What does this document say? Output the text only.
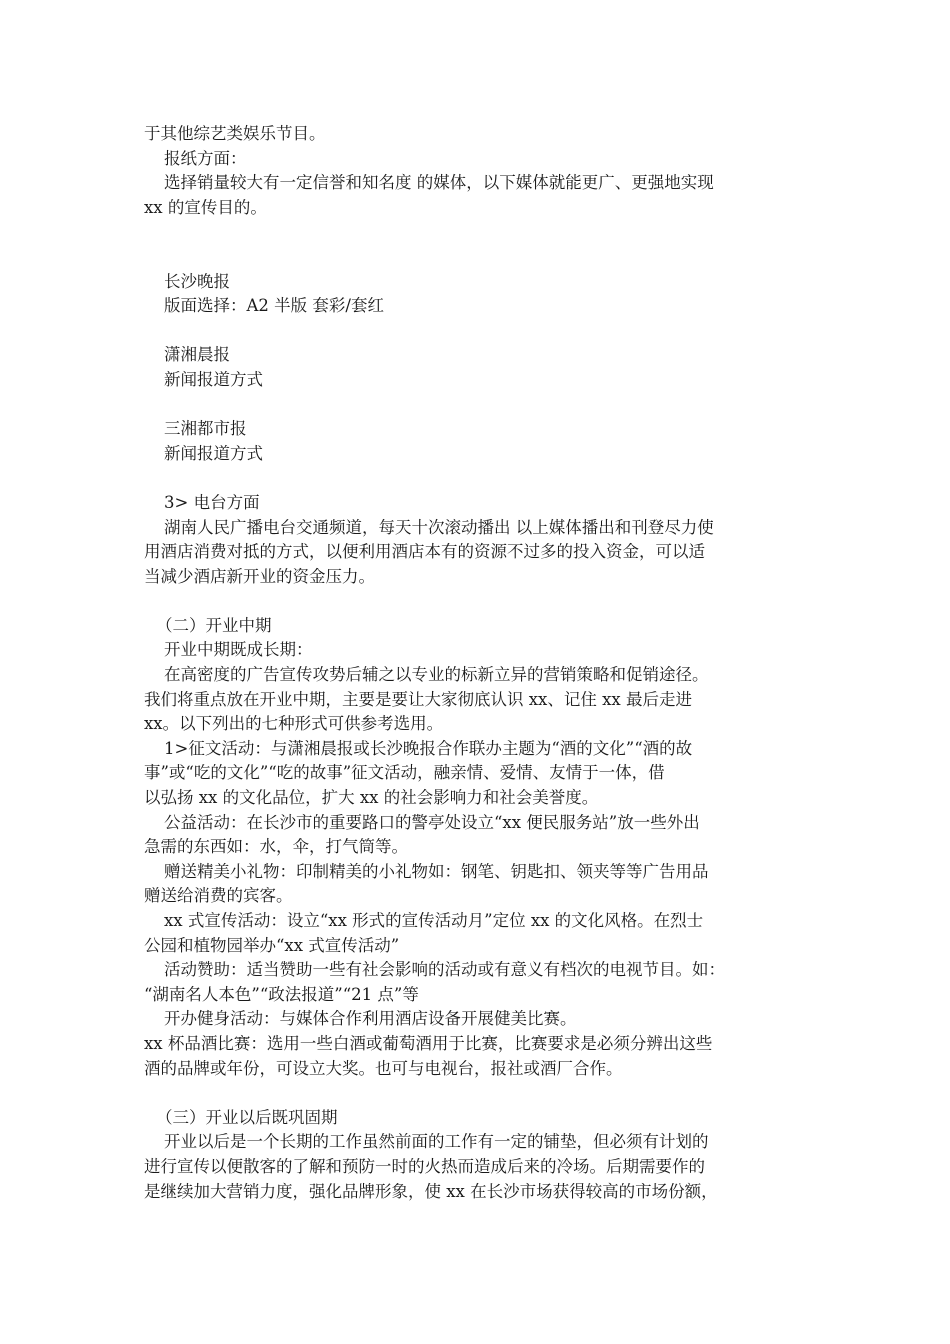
于其他综艺类娱乐节目。
报纸方面：
选择销量较大有一定信誉和知名度 的媒体，以下媒体就能更广、更强地实现
xx 的宣传目的。
长沙晚报
版面选择：A2 半版 套彩/套红
潇湘晨报
新闻报道方式
三湘都市报
新闻报道方式
3> 电台方面
湖南人民广播电台交通频道，每天十次滚动播出 以上媒体播出和刊登尽力使
用酒店消费对抵的方式，以便利用酒店本有的资源不过多的投入资金，可以适
当减少酒店新开业的资金压力。
（二）开业中期
开业中期既成长期：
在高密度的广告宣传攻势后辅之以专业的标新立异的营销策略和促销途径。
我们将重点放在开业中期，主要是要让大家彻底认识 xx、记住 xx 最后走进
xx。以下列出的七种形式可供参考选用。
1>征文活动：与潇湘晨报或长沙晚报合作联办主题为“酒的文化”“酒的故
事”或“吃的文化”“吃的故事”征文活动，融亲情、爱情、友情于一体，借
以弘扬 xx 的文化品位，扩大 xx 的社会影响力和社会美誉度。
公益活动：在长沙市的重要路口的警亭处设立“xx 便民服务站”放一些外出
急需的东西如：水，伞，打气筒等。
赠送精美小礼物：印制精美的小礼物如：钢笔、钥匙扣、领夹等等广告用品
赠送给消费的宾客。
xx 式宣传活动：设立“xx 形式的宣传活动月”定位 xx 的文化风格。在烈士
公园和植物园举办“xx 式宣传活动”
活动赞助：适当赞助一些有社会影响的活动或有意义有档次的电视节目。如：
“湖南名人本色”“政法报道”“21 点”等
开办健身活动：与媒体合作利用酒店设备开展健美比赛。
xx 杯品酒比赛：选用一些白酒或葡萄酒用于比赛，比赛要求是必须分辨出这些
酒的品牌或年份，可设立大奖。也可与电视台，报社或酒厂合作。
（三）开业以后既巩固期
开业以后是一个长期的工作虽然前面的工作有一定的铺垫，但必须有计划的
进行宣传以便散客的了解和预防一时的火热而造成后来的冷场。后期需要作的
是继续加大营销力度，强化品牌形象，使 xx 在长沙市场获得较高的市场份额，
